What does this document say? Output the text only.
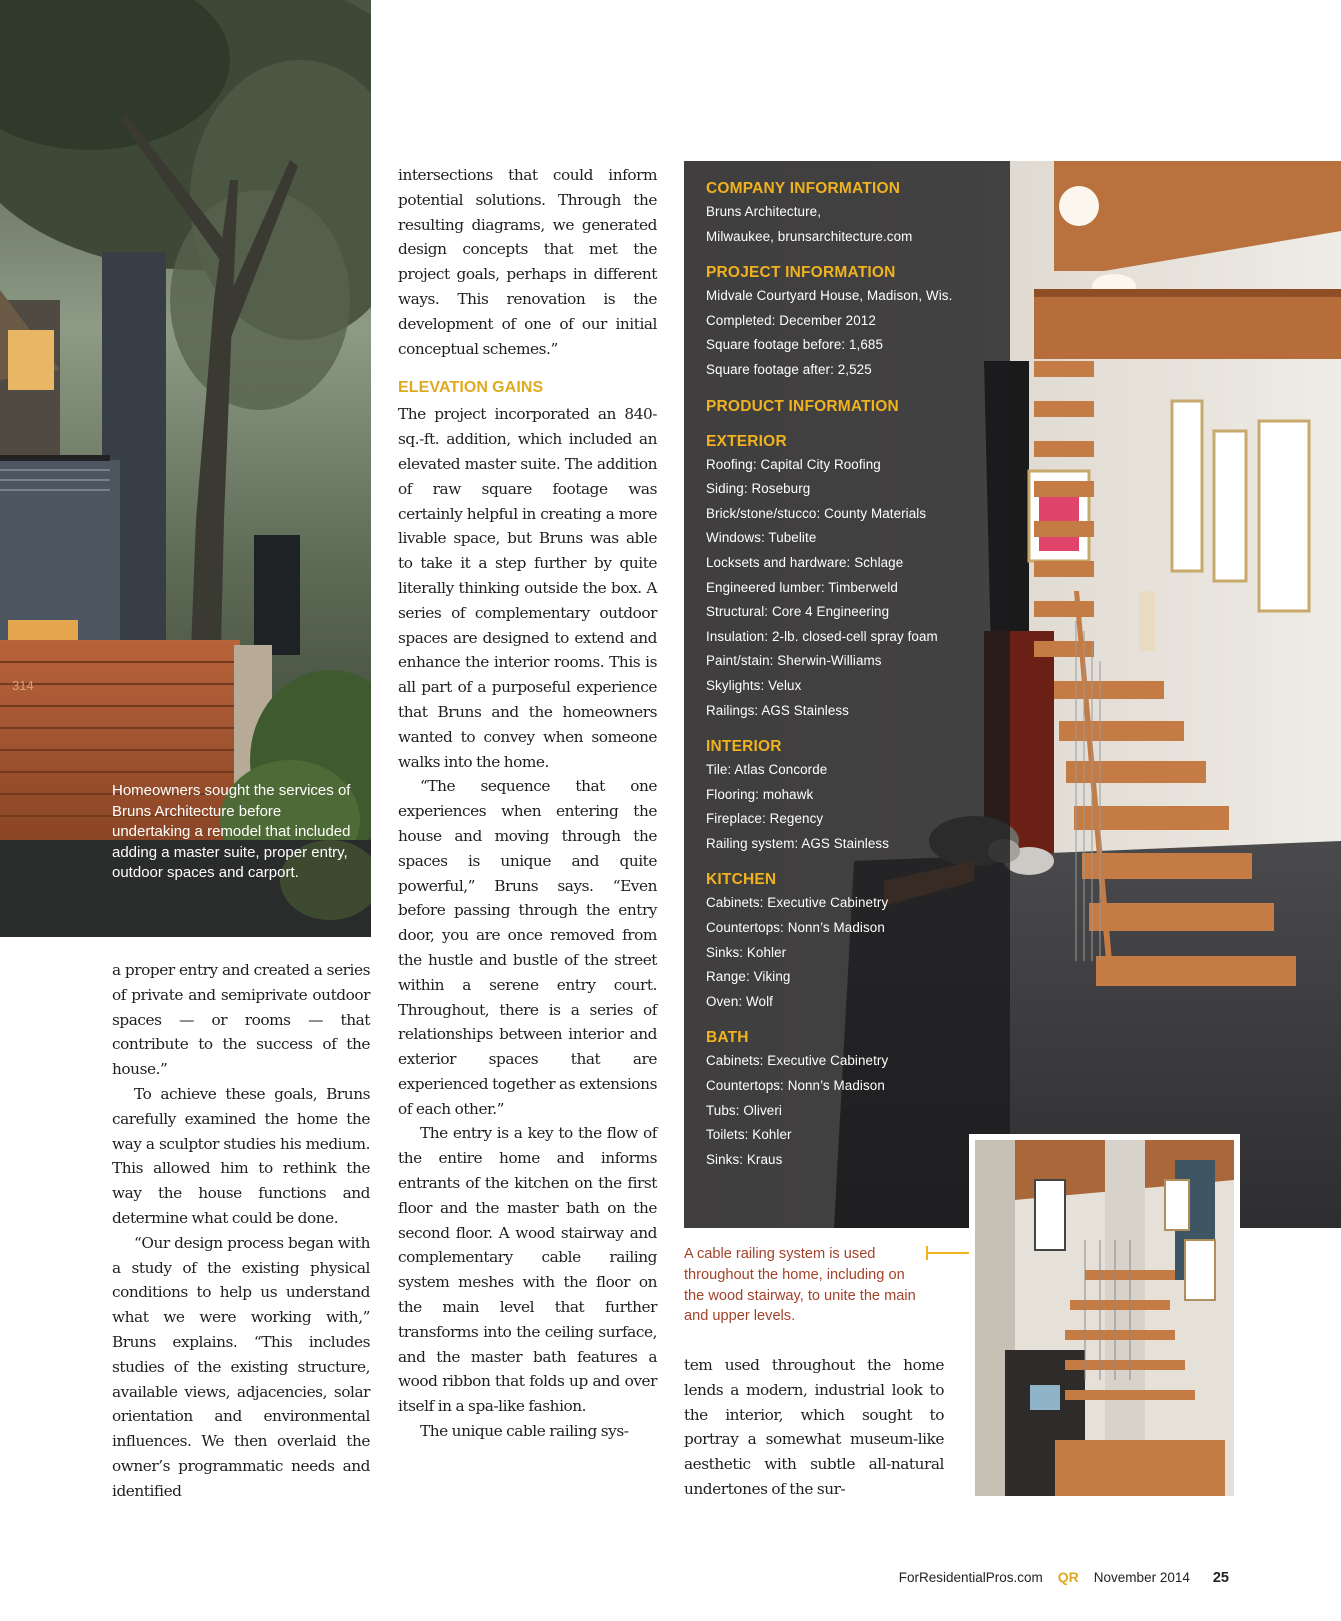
314
Homeowners sought the services of Bruns Architecture before undertaking a remodel that included adding a master suite, proper entry, outdoor spaces and carport.

a proper entry and created a series of private and semiprivate outdoor spaces — or rooms — that contribute to the success of the house.”

To achieve these goals, Bruns carefully examined the home the way a sculptor studies his medium. This allowed him to rethink the way the house functions and determine what could be done.

“Our design process began with a study of the existing physical conditions to help us understand what we were working with,” Bruns explains. “This includes studies of the existing structure, available views, adjacencies, solar orientation and environmental influences. We then overlaid the owner’s programmatic needs and identified

intersections that could inform potential solutions. Through the resulting diagrams, we generated design concepts that met the project goals, perhaps in different ways. This renovation is the development of one of our initial conceptual schemes.”

ELEVATION GAINS

The project incorporated an 840-sq.-ft. addition, which included an elevated master suite. The addition of raw square footage was certainly helpful in creating a more livable space, but Bruns was able to take it a step further by quite literally thinking outside the box. A series of complementary outdoor spaces are designed to extend and enhance the interior rooms. This is all part of a purposeful experience that Bruns and the homeowners wanted to convey when someone walks into the home.

“The sequence that one experiences when entering the house and moving through the spaces is unique and quite powerful,” Bruns says. “Even before passing through the entry door, you are once removed from the hustle and bustle of the street within a serene entry court. Throughout, there is a series of relationships between interior and exterior spaces that are experienced together as extensions of each other.”

The entry is a key to the flow of the entire home and informs entrants of the kitchen on the first floor and the master bath on the second floor. A wood stairway and complementary cable railing system meshes with the floor on the main level that further transforms into the ceiling surface, and the master bath features a wood ribbon that folds up and over itself in a spa-like fashion.

The unique cable railing sys-

COMPANY INFORMATION
Bruns Architecture,
Milwaukee, brunsarchitecture.com
PROJECT INFORMATION
Midvale Courtyard House, Madison, Wis.
Completed: December 2012
Square footage before: 1,685
Square footage after: 2,525
PRODUCT INFORMATION
EXTERIOR
Roofing: Capital City Roofing
Siding: Roseburg
Brick/stone/stucco: County Materials
Windows: Tubelite
Locksets and hardware: Schlage
Engineered lumber: Timberweld
Structural: Core 4 Engineering
Insulation: 2-lb. closed-cell spray foam
Paint/stain: Sherwin-Williams
Skylights: Velux
Railings: AGS Stainless
INTERIOR
Tile: Atlas Concorde
Flooring: mohawk
Fireplace: Regency
Railing system: AGS Stainless
KITCHEN
Cabinets: Executive Cabinetry
Countertops: Nonn’s Madison
Sinks: Kohler
Range: Viking
Oven: Wolf
BATH
Cabinets: Executive Cabinetry
Countertops: Nonn’s Madison
Tubs: Oliveri
Toilets: Kohler
Sinks: Kraus
A cable railing system is used throughout the home, including on the wood stairway, to unite the main and upper levels.

tem used throughout the home lends a modern, industrial look to the interior, which sought to portray a somewhat museum-like aesthetic with subtle all-natural undertones of the sur-

ForResidentialPros.com QR November 2014 25
